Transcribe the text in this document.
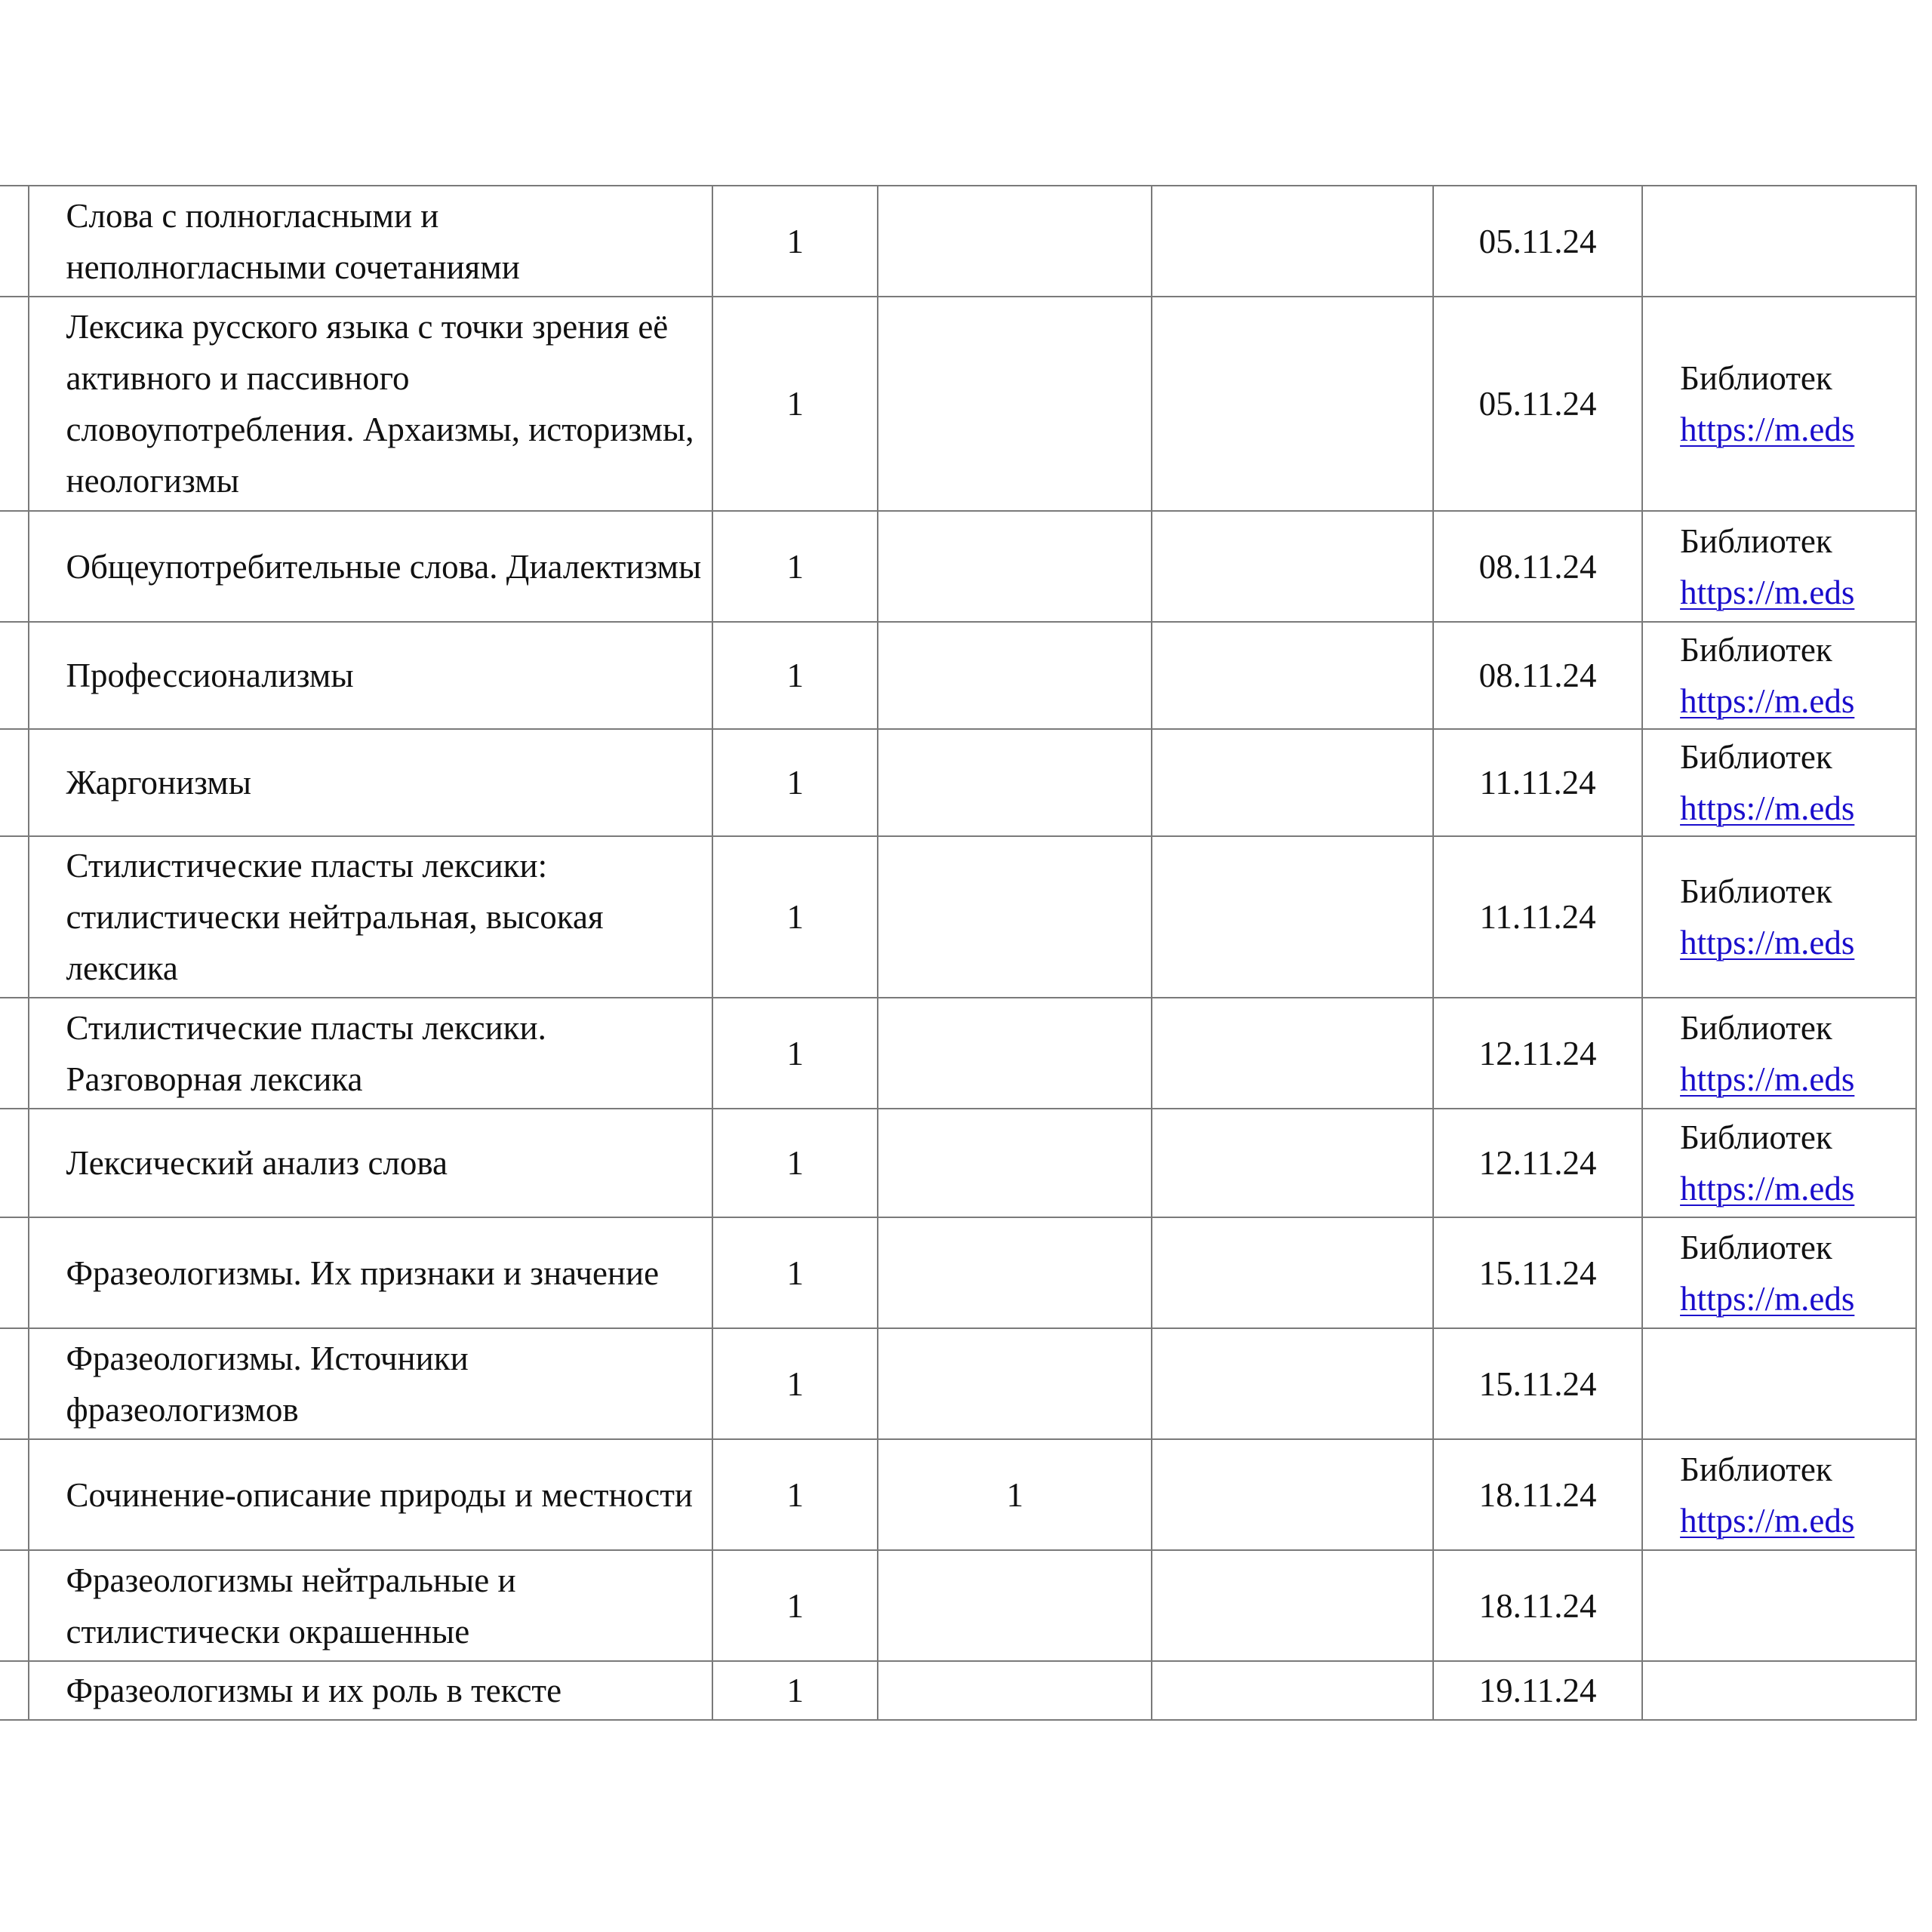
	Слова с полногласными и неполногласными сочетаниями	1			05.11.24	

	Лексика русского языка с точки зрения её активного и пассивного словоупотребления. Архаизмы, историзмы, неологизмы	1			05.11.24	Библиотек
https://m.eds

	Общеупотребительные слова. Диалектизмы	1			08.11.24	Библиотек
https://m.eds

	Профессионализмы	1			08.11.24	Библиотек
https://m.eds

	Жаргонизмы	1			11.11.24	Библиотек
https://m.eds

	Стилистические пласты лексики: стилистически нейтральная, высокая лексика	1			11.11.24	Библиотек
https://m.eds

	Стилистические пласты лексики. Разговорная лексика	1			12.11.24	Библиотек
https://m.eds

	Лексический анализ слова	1			12.11.24	Библиотек
https://m.eds

	Фразеологизмы. Их признаки и значение	1			15.11.24	Библиотек
https://m.eds

	Фразеологизмы. Источники фразеологизмов	1			15.11.24	

	Сочинение-описание природы и местности	1	1		18.11.24	Библиотек
https://m.eds

	Фразеологизмы нейтральные и стилистически окрашенные	1			18.11.24	

	Фразеологизмы и их роль в тексте	1			19.11.24	
